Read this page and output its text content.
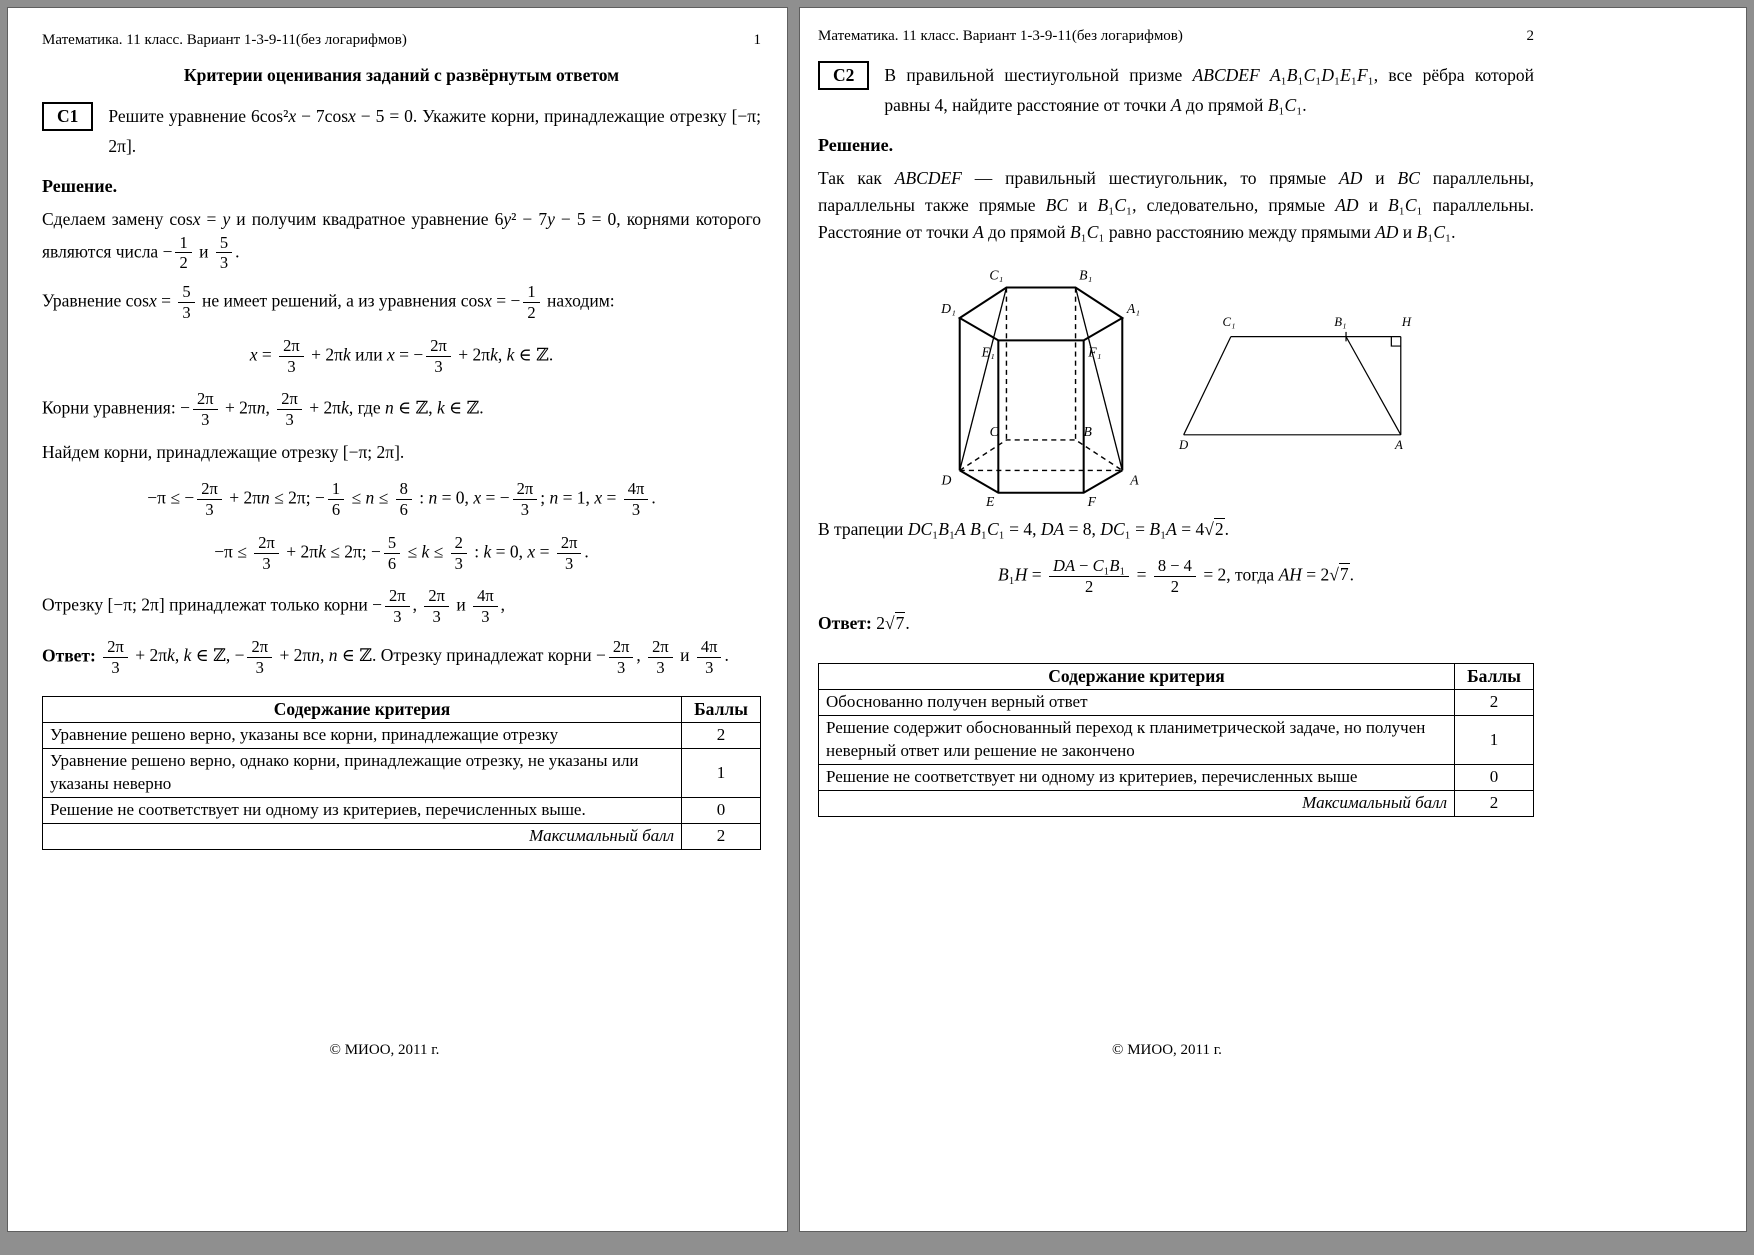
Математика. 11 класс. Вариант 1-3-9-11(без логарифмов)	1
Критерии оценивания заданий с развёрнутым ответом
С1	Решите уравнение 6cos²x − 7cosx − 5 = 0. Укажите корни, принадлежащие отрезку [−π; 2π].
Решение.

Сделаем замену cosx = y и получим квадратное уравнение 6y² − 7y − 5 = 0, корнями которого являются числа − $\frac{1}{2}$ и $\frac{5}{3}$ .

Уравнение $\cos x = \frac{5}{3}$ не имеет решений, а из уравнения cosx = − $\frac{1}{2}$ находим:

$x = \frac{2\pi}{3} + 2\pi k$ или x = − $\frac{2\pi}{3} + 2\pi k$, k ∈ ℤ.

Корни уравнения: − $\frac{2\pi}{3} + 2\pi n$, $\frac{2\pi}{3} + 2\pi k$, где n ∈ ℤ, k ∈ ℤ.

Найдем корни, принадлежащие отрезку [−π; 2π].

−π ≤ − $\frac{2\pi}{3} + 2\pi n \le 2\pi$; − $\frac{1}{6} \le n \le \frac{8}{6}$ : n = 0, x = − $\frac{2\pi}{3}$ ; n = 1, $x = \frac{4\pi}{3}$ .
$-\pi \le \frac{2\pi}{3} + 2\pi k \le 2\pi$; − $\frac{5}{6} \le k \le \frac{2}{3}$ : k = 0, $x = \frac{2\pi}{3}$ .

Отрезку [−π; 2π] принадлежат только корни − $\frac{2\pi}{3}$ , $\frac{2\pi}{3}$ и $\frac{4\pi}{3}$ ,

Ответ: $\frac{2\pi}{3} + 2\pi k$, k ∈ ℤ, − $\frac{2\pi}{3} + 2\pi n$, n ∈ ℤ. Отрезку принадлежат корни − $\frac{2\pi}{3}$ , $\frac{2\pi}{3}$ и $\frac{4\pi}{3}$ .

Содержание критерия	Баллы
Уравнение решено верно, указаны все корни, принадлежащие отрезку	2
Уравнение решено верно, однако корни, принадлежащие отрезку, не указаны или указаны неверно	1
Решение не соответствует ни одному из критериев, перечисленных выше.	0
Максимальный балл	2
© МИОО, 2011 г.
Математика. 11 класс. Вариант 1-3-9-11(без логарифмов)	2
С2	В правильной шестиугольной призме ABCDEF A₁B₁C₁D₁E₁F₁, все рёбра которой равны 4, найдите расстояние от точки A до прямой B₁C₁.
Решение.

Так как ABCDEF — правильный шестиугольник, то прямые AD и BC параллельны, параллельны также прямые BC и B₁C₁, следовательно, прямые AD и B₁C₁ параллельны. Расстояние от точки A до прямой B₁C₁ равно расстоянию между прямыми AD и B₁C₁.

C₁	B₁
D₁	A₁
E₁	F₁
C	B
D	A
E	F
C₁	B₁	H
D	A

В трапеции DC₁B₁A B₁C₁ = 4, DA = 8, DC₁ = B₁A = 4√2.

$B_1H = \frac{\text{DA − C₁B₁}}{2} = \frac{8 - 4}{2} = 2$, тогда AH = 2√7.

Ответ: 2√7.

Содержание критерия	Баллы
Обоснованно получен верный ответ	2
Решение содержит обоснованный переход к планиметрической задаче, но получен неверный ответ или решение не закончено	1
Решение не соответствует ни одному из критериев, перечисленных выше	0
Максимальный балл	2
© МИОО, 2011 г.
